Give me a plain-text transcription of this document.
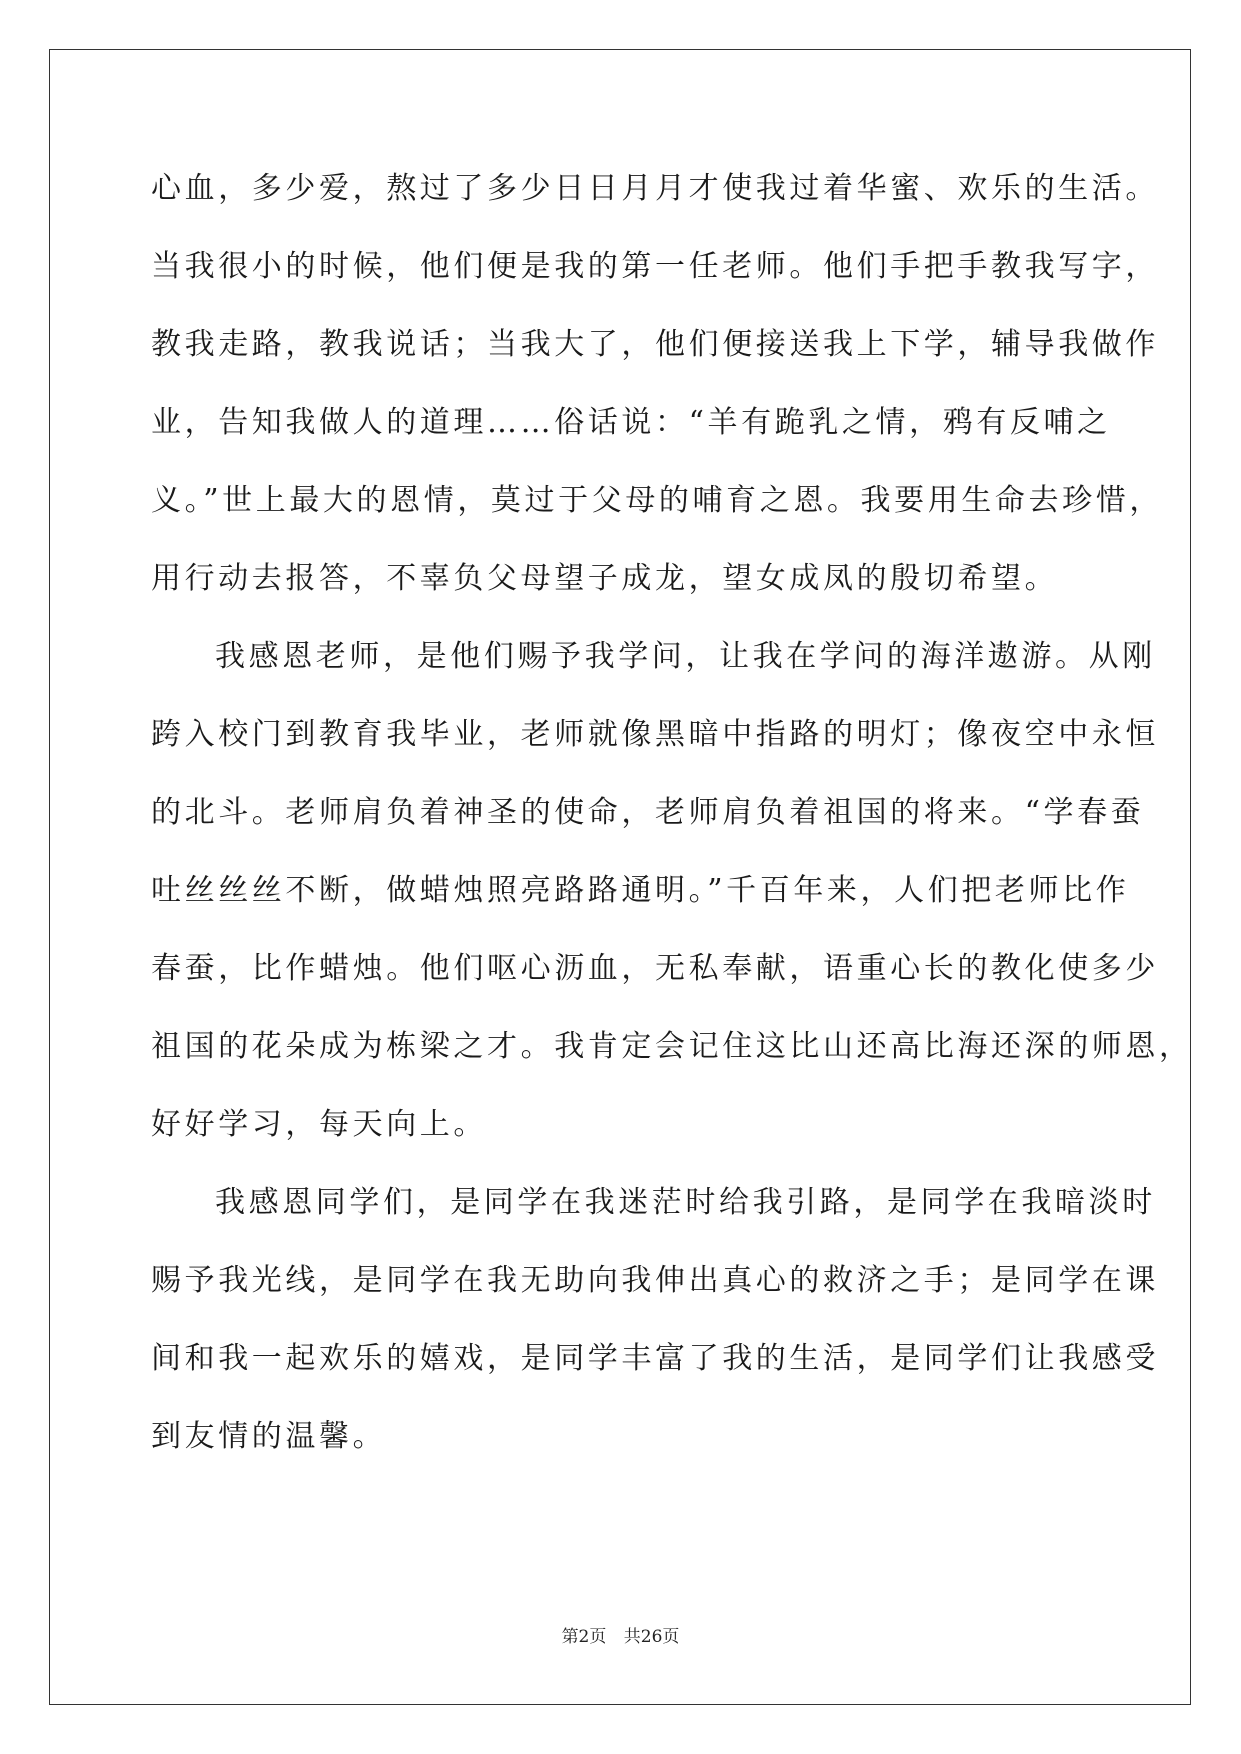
心血，多少爱，熬过了多少日日月月才使我过着华蜜、欢乐的生活。
当我很小的时候，他们便是我的第一任老师。他们手把手教我写字，
教我走路，教我说话；当我大了，他们便接送我上下学，辅导我做作
业，告知我做人的道理……俗话说：“羊有跪乳之情，鸦有反哺之
义。”世上最大的恩情，莫过于父母的哺育之恩。我要用生命去珍惜，
用行动去报答，不辜负父母望子成龙，望女成凤的殷切希望。
我感恩老师，是他们赐予我学问，让我在学问的海洋遨游。从刚
跨入校门到教育我毕业，老师就像黑暗中指路的明灯；像夜空中永恒
的北斗。老师肩负着神圣的使命，老师肩负着祖国的将来。“学春蚕
吐丝丝丝不断，做蜡烛照亮路路通明。”千百年来，人们把老师比作
春蚕，比作蜡烛。他们呕心沥血，无私奉献，语重心长的教化使多少
祖国的花朵成为栋梁之才。我肯定会记住这比山还高比海还深的师恩，
好好学习，每天向上。
我感恩同学们，是同学在我迷茫时给我引路，是同学在我暗淡时
赐予我光线，是同学在我无助向我伸出真心的救济之手；是同学在课
间和我一起欢乐的嬉戏，是同学丰富了我的生活，是同学们让我感受
到友情的温馨。
第2页 共26页
